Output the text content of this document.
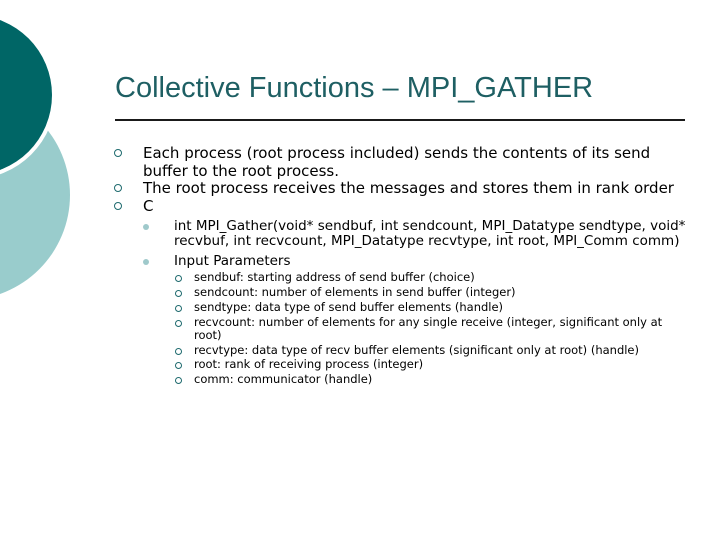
Collective Functions – MPI_GATHER
Each process (root process included) sends the contents of its send buffer to the root process.
The root process receives the messages and stores them in rank order
C
int MPI_Gather(void* sendbuf, int sendcount, MPI_Datatype sendtype, void* recvbuf, int recvcount, MPI_Datatype recvtype, int root, MPI_Comm comm)
Input Parameters
sendbuf: starting address of send buffer (choice)
sendcount: number of elements in send buffer (integer)
sendtype: data type of send buffer elements (handle)
recvcount: number of elements for any single receive (integer, significant only at root)
recvtype: data type of recv buffer elements (significant only at root) (handle)
root: rank of receiving process (integer)
comm: communicator (handle)
